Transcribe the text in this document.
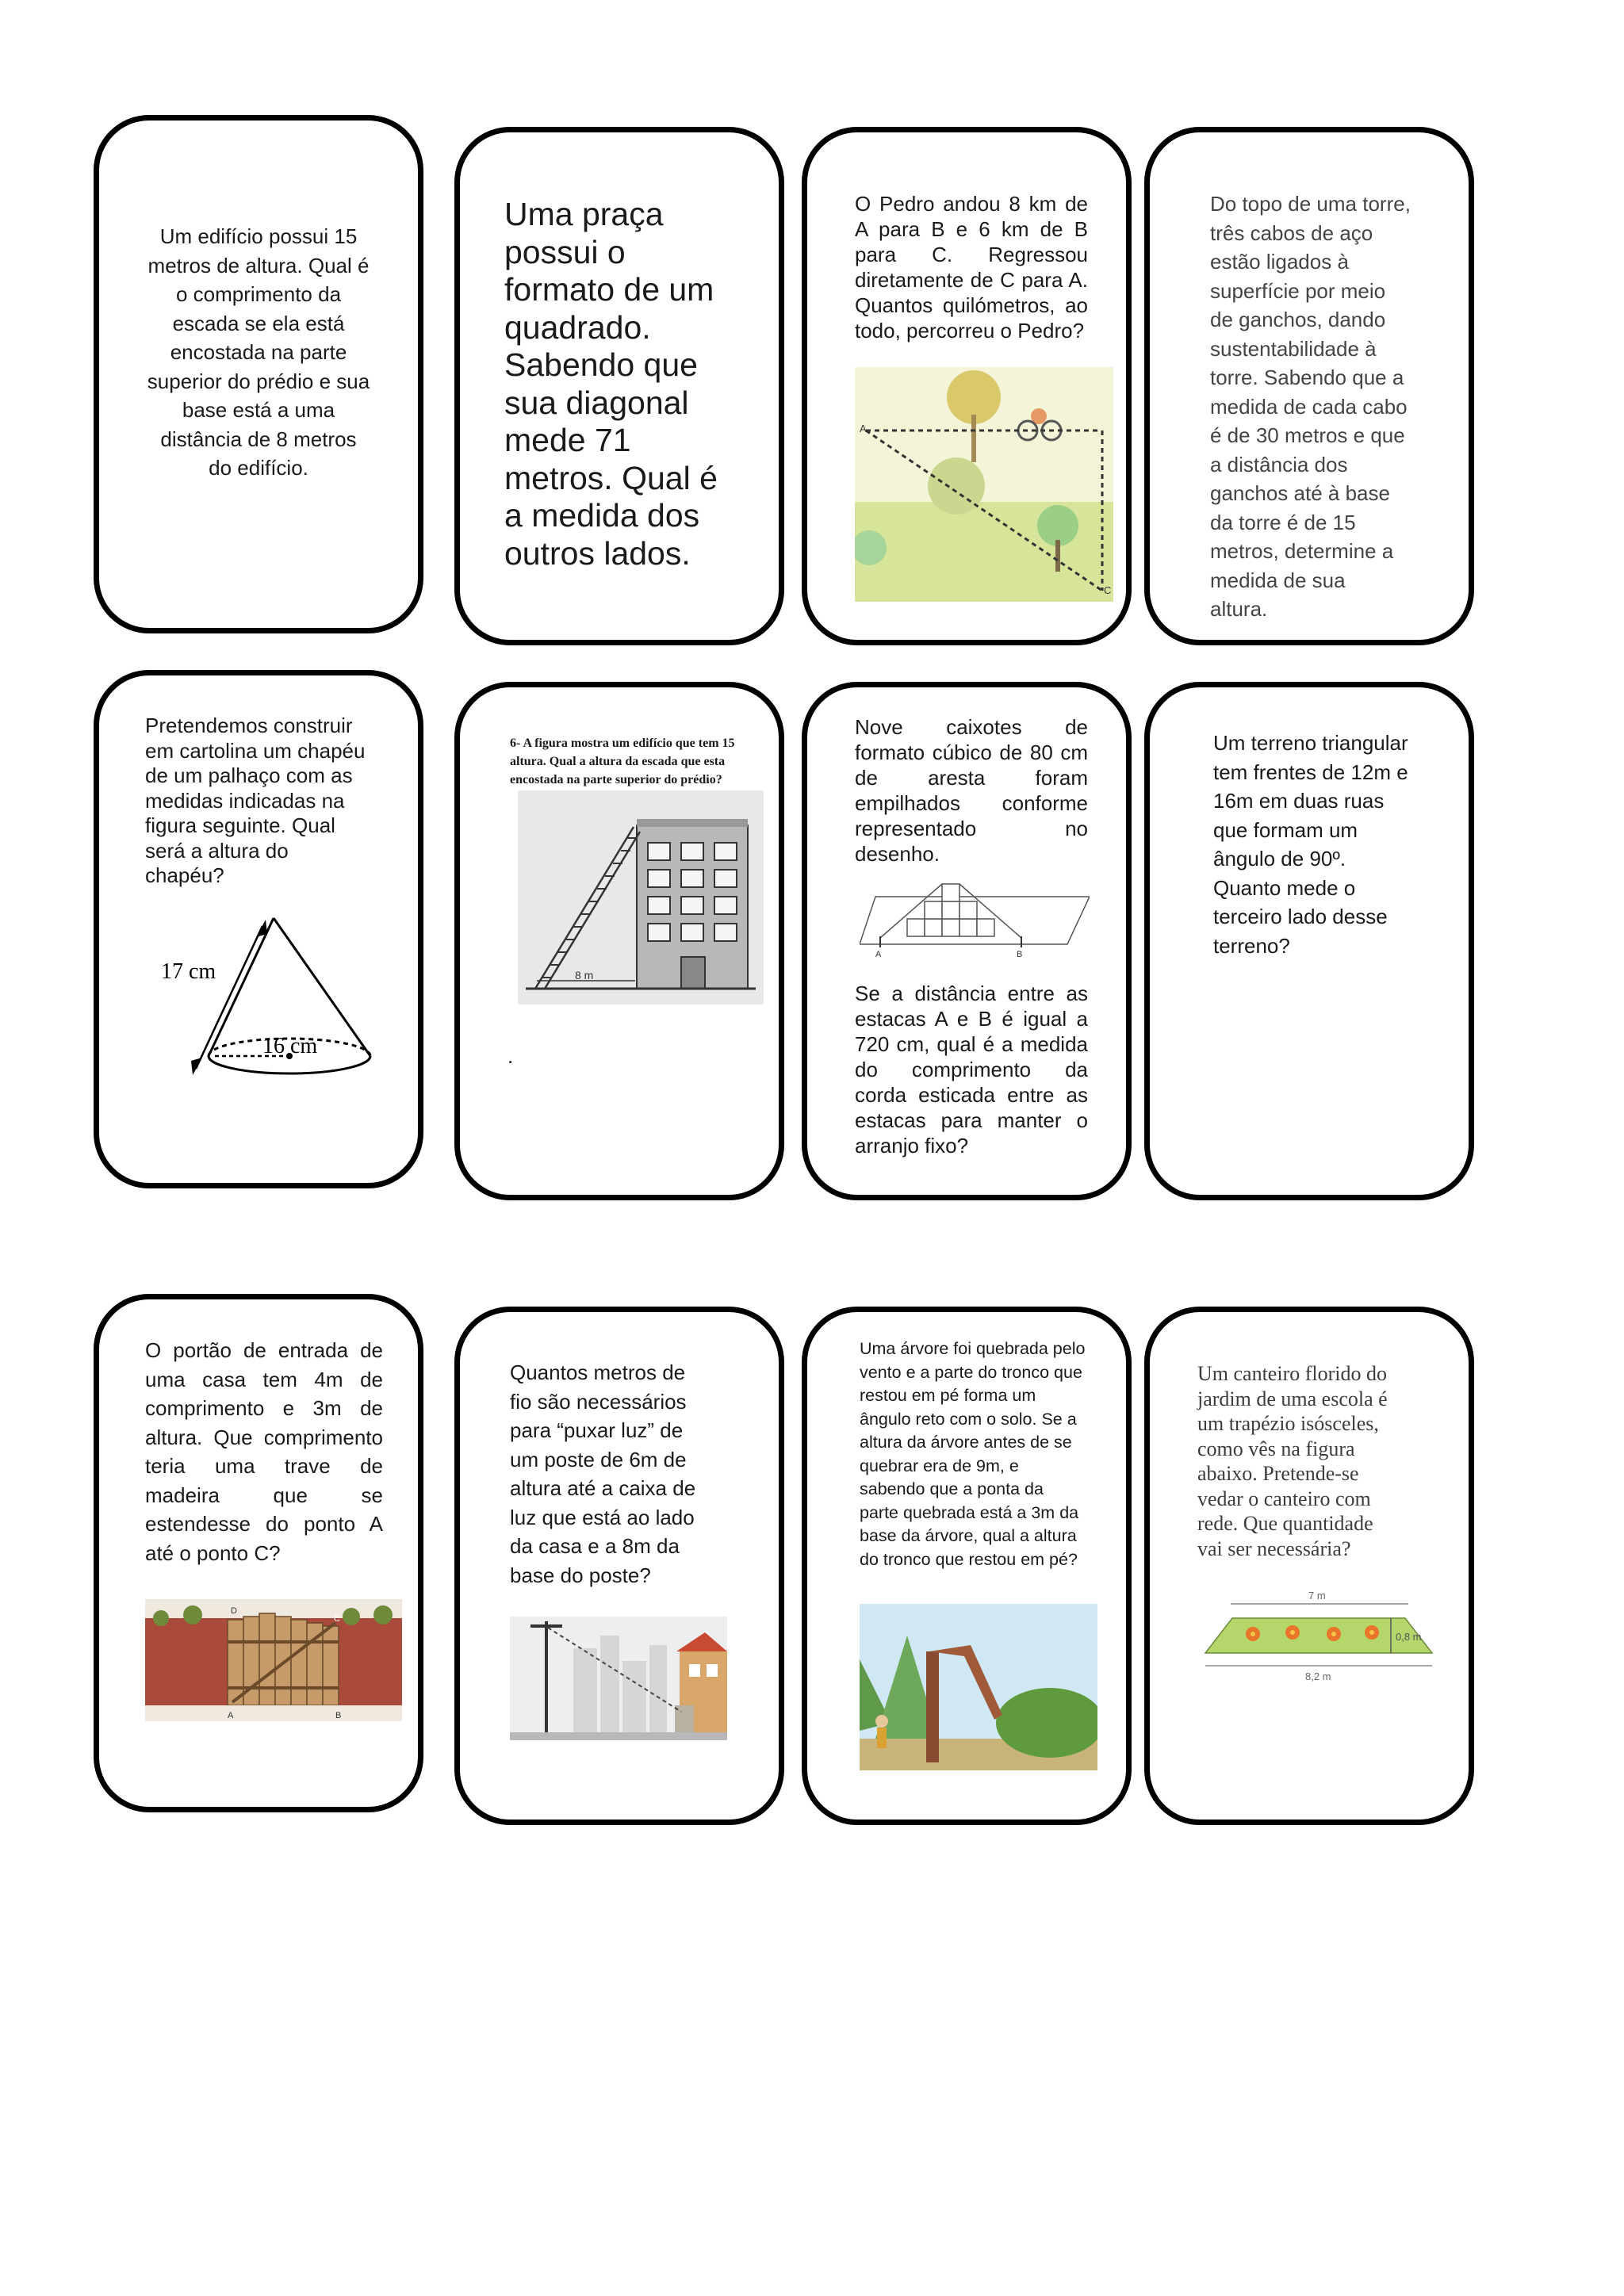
Um edifício possui 15
metros de altura. Qual é
o comprimento da
escada se ela está
encostada na parte
superior do prédio e sua
base está a uma
distância de 8 metros
do edifício.

Uma praça
possui o
formato de um
quadrado.
Sabendo que
sua diagonal
mede 71
metros. Qual é
a medida dos
outros lados.

O Pedro andou 8 km de A para B e 6 km de B para C. Regressou diretamente de C para A. Quantos quilómetros, ao todo, percorreu o Pedro?

A
C

Do topo de uma torre,
três cabos de aço
estão ligados à
superfície por meio
de ganchos, dando
sustentabilidade à
torre. Sabendo que a
medida de cada cabo
é de 30 metros e que
a distância dos
ganchos até à base
da torre é de 15
metros, determine a
medida de sua
altura.

Pretendemos construir
em cartolina um chapéu
de um palhaço com as
medidas indicadas na
figura seguinte. Qual
será a altura do
chapéu?

17 cm
16 cm

6- A figura mostra um edifício que tem 15
altura. Qual a altura da escada que esta
encostada na parte superior do prédio?

8 m
.

Nove caixotes de formato cúbico de 80 cm de aresta foram empilhados conforme representado no desenho.

A	B

Se a distância entre as estacas A e B é igual a 720 cm, qual é a medida do comprimento da corda esticada entre as estacas para manter o arranjo fixo?

Um terreno triangular
tem frentes de 12m e
16m em duas ruas
que formam um
ângulo de 90º.
Quanto mede o
terceiro lado desse
terreno?

O portão de entrada de uma casa tem 4m de comprimento e 3m de altura. Que comprimento teria uma trave de madeira que se estendesse do ponto A até o ponto C?

A	B
C
D

Quantos metros de
fio são necessários
para “puxar luz” de
um poste de 6m de
altura até a caixa de
luz que está ao lado
da casa e a 8m da
base do poste?

Uma árvore foi quebrada pelo
vento e a parte do tronco que
restou em pé forma um
ângulo reto com o solo. Se a
altura da árvore antes de se
quebrar era de 9m, e
sabendo que a ponta da
parte quebrada está a 3m da
base da árvore, qual a altura
do tronco que restou em pé?

Um canteiro florido do
jardim de uma escola é
um trapézio isósceles,
como vês na figura
abaixo. Pretende-se
vedar o canteiro com
rede. Que quantidade
vai ser necessária?

7 m
0,8 m
8,2 m
